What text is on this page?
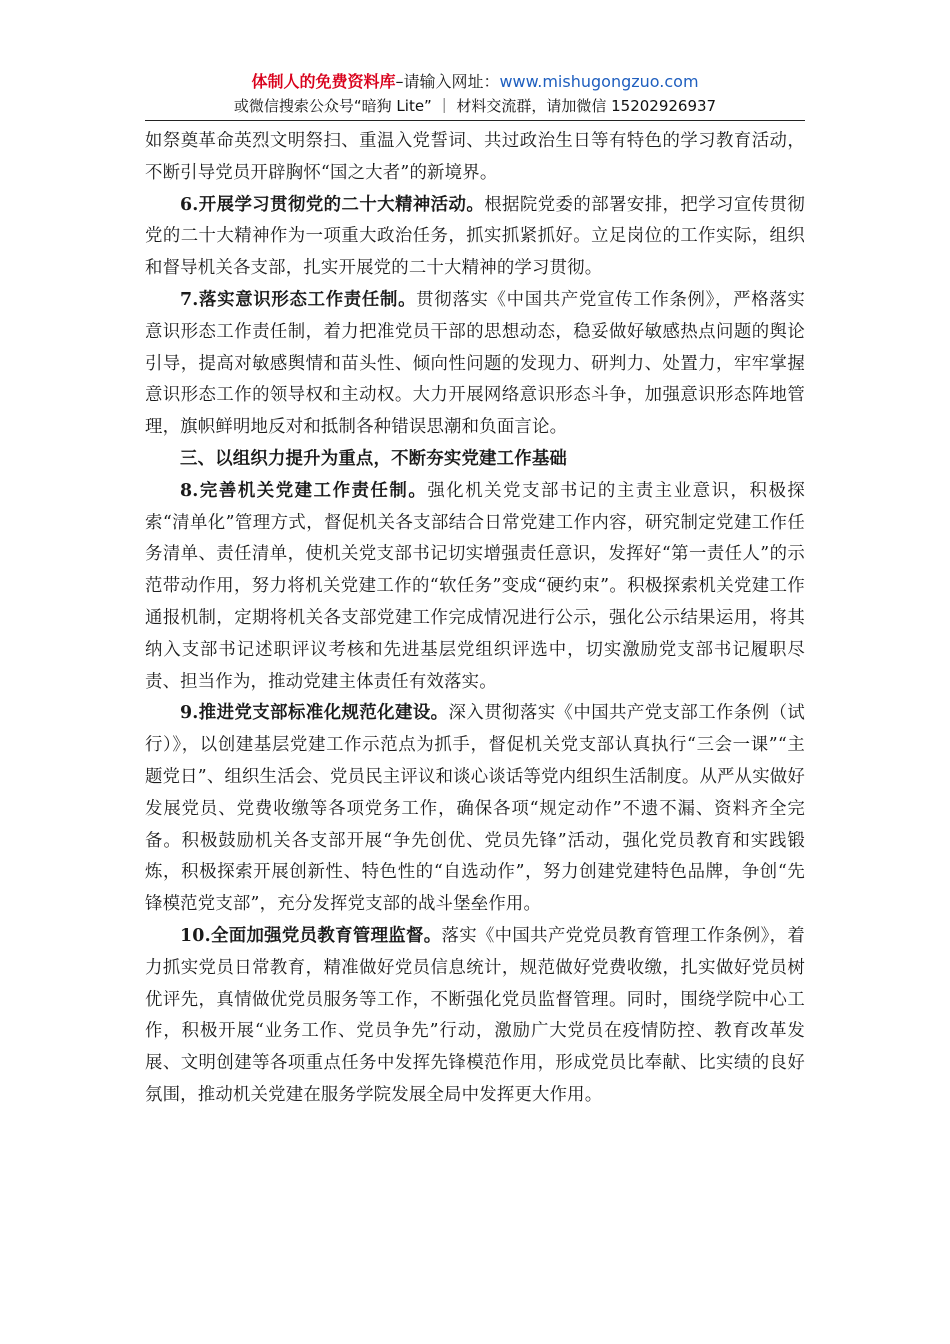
体制人的免费资料库–请输入网址：www.mishugongzuo.com
或微信搜索公众号“暗狗 Lite” ｜ 材料交流群，请加微信 15202926937

如祭奠革命英烈文明祭扫、重温入党誓词、共过政治生日等有特色的学习教育活动，不断引导党员开辟胸怀“国之大者”的新境界。

6.开展学习贯彻党的二十大精神活动。根据院党委的部署安排，把学习宣传贯彻党的二十大精神作为一项重大政治任务，抓实抓紧抓好。立足岗位的工作实际，组织和督导机关各支部，扎实开展党的二十大精神的学习贯彻。

7.落实意识形态工作责任制。贯彻落实《中国共产党宣传工作条例》，严格落实意识形态工作责任制，着力把准党员干部的思想动态，稳妥做好敏感热点问题的舆论引导，提高对敏感舆情和苗头性、倾向性问题的发现力、研判力、处置力，牢牢掌握意识形态工作的领导权和主动权。大力开展网络意识形态斗争，加强意识形态阵地管理，旗帜鲜明地反对和抵制各种错误思潮和负面言论。

三、以组织力提升为重点，不断夯实党建工作基础

8.完善机关党建工作责任制。强化机关党支部书记的主责主业意识，积极探索“清单化”管理方式，督促机关各支部结合日常党建工作内容，研究制定党建工作任务清单、责任清单，使机关党支部书记切实增强责任意识，发挥好“第一责任人”的示范带动作用，努力将机关党建工作的“软任务”变成“硬约束”。积极探索机关党建工作通报机制，定期将机关各支部党建工作完成情况进行公示，强化公示结果运用，将其纳入支部书记述职评议考核和先进基层党组织评选中，切实激励党支部书记履职尽责、担当作为，推动党建主体责任有效落实。

9.推进党支部标准化规范化建设。深入贯彻落实《中国共产党支部工作条例（试行）》，以创建基层党建工作示范点为抓手，督促机关党支部认真执行“三会一课”“主题党日”、组织生活会、党员民主评议和谈心谈话等党内组织生活制度。从严从实做好发展党员、党费收缴等各项党务工作，确保各项“规定动作”不遗不漏、资料齐全完备。积极鼓励机关各支部开展“争先创优、党员先锋”活动，强化党员教育和实践锻炼，积极探索开展创新性、特色性的“自选动作”，努力创建党建特色品牌，争创“先锋模范党支部”，充分发挥党支部的战斗堡垒作用。

10.全面加强党员教育管理监督。落实《中国共产党党员教育管理工作条例》，着力抓实党员日常教育，精准做好党员信息统计，规范做好党费收缴，扎实做好党员树优评先，真情做优党员服务等工作，不断强化党员监督管理。同时，围绕学院中心工作，积极开展“业务工作、党员争先”行动，激励广大党员在疫情防控、教育改革发展、文明创建等各项重点任务中发挥先锋模范作用，形成党员比奉献、比实绩的良好氛围，推动机关党建在服务学院发展全局中发挥更大作用。
